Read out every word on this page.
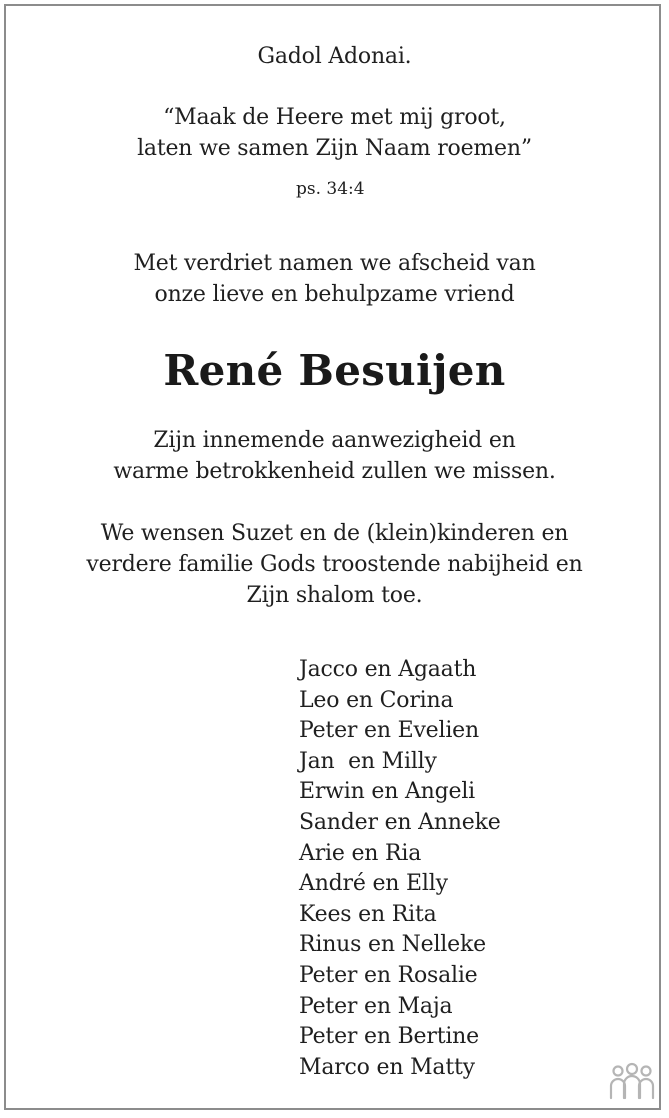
Gadol Adonai.
“Maak de Heere met mij groot,
laten we samen Zijn Naam roemen”
ps. 34:4
Met verdriet namen we afscheid van
onze lieve en behulpzame vriend
René Besuijen
Zijn innemende aanwezigheid en
warme betrokkenheid zullen we missen.
We wensen Suzet en de (klein)kinderen en
verdere familie Gods troostende nabijheid en
Zijn shalom toe.
Jacco en Agaath
Leo en Corina
Peter en Evelien
Jan  en Milly
Erwin en Angeli
Sander en Anneke
Arie en Ria
André en Elly
Kees en Rita
Rinus en Nelleke
Peter en Rosalie
Peter en Maja
Peter en Bertine
Marco en Matty
